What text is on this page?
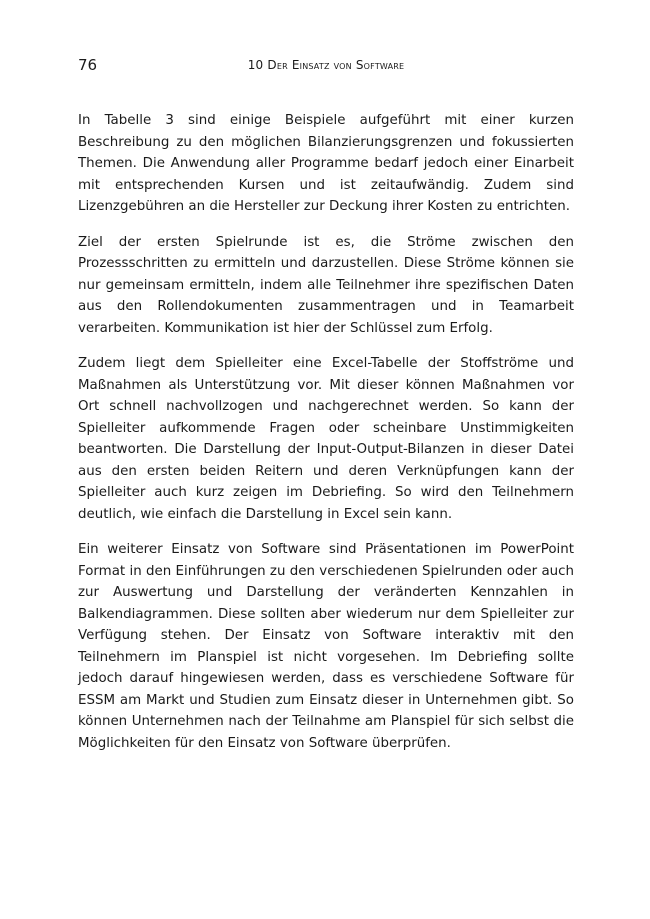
76	10 Der Einsatz von Software

In Tabelle 3 sind einige Beispiele aufgeführt mit einer kurzen Beschreibung zu den möglichen Bilanzierungsgrenzen und fokussierten Themen. Die Anwendung aller Programme bedarf jedoch einer Einarbeit mit entsprechenden Kursen und ist zeitaufwändig. Zudem sind Lizenzgebühren an die Hersteller zur Deckung ihrer Kosten zu entrichten.

Ziel der ersten Spielrunde ist es, die Ströme zwischen den Prozessschritten zu ermitteln und darzustellen. Diese Ströme können sie nur gemeinsam ermitteln, indem alle Teilnehmer ihre spezifischen Daten aus den Rollendokumenten zusammentragen und in Teamarbeit verarbeiten. Kommunikation ist hier der Schlüssel zum Erfolg.

Zudem liegt dem Spielleiter eine Excel-Tabelle der Stoffströme und Maßnahmen als Unterstützung vor. Mit dieser können Maßnahmen vor Ort schnell nachvollzogen und nachgerechnet werden. So kann der Spielleiter aufkommende Fragen oder scheinbare Unstimmigkeiten beantworten. Die Darstellung der Input-Output-Bilanzen in dieser Datei aus den ersten beiden Reitern und deren Verknüpfungen kann der Spielleiter auch kurz zeigen im Debriefing. So wird den Teilnehmern deutlich, wie einfach die Darstellung in Excel sein kann.

Ein weiterer Einsatz von Software sind Präsentationen im PowerPoint Format in den Einführungen zu den verschiedenen Spielrunden oder auch zur Auswertung und Darstellung der veränderten Kennzahlen in Balkendiagrammen. Diese sollten aber wiederum nur dem Spielleiter zur Verfügung stehen. Der Einsatz von Software interaktiv mit den Teilnehmern im Planspiel ist nicht vorgesehen. Im Debriefing sollte jedoch darauf hingewiesen werden, dass es verschiedene Software für ESSM am Markt und Studien zum Einsatz dieser in Unternehmen gibt. So können Unternehmen nach der Teilnahme am Planspiel für sich selbst die Möglichkeiten für den Einsatz von Software überprüfen.
